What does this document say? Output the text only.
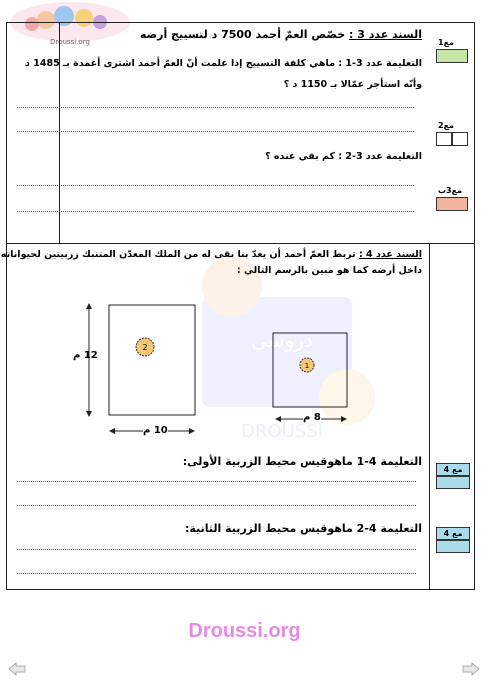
Droussi.org
دروسي
DROUSSI
السند عدد 3 : خصّص العمّ أحمد 7500 د لتسييج أرضه
التعليمة عدد 3-1 : ماهي كلفة التسييج إذا علمت أنّ العمّ أحمد اشترى أعمدة بـ 1485 د
وأنّه استأجر عمّالا بـ 1150 د ؟
التعليمة عدد 3-2 : كم بقي عنده ؟
مع1
مع2
مع3ب
السند عدد 4 : تربط العمّ أحمد أن يعدّ بنا نقى له من الملك المعدّن المتنبك زربيتين لحيواناته
داخل أرضه كما هو مبين بالرسم التالي :
2
1
12 م
10 م
8 م
التعليمة 4-1 ماهوقيس محيط الزربية الأولى:
التعليمة 4-2 ماهوقيس محيط الزربية الثانية:
مع 4
مع 4
Droussi.org
